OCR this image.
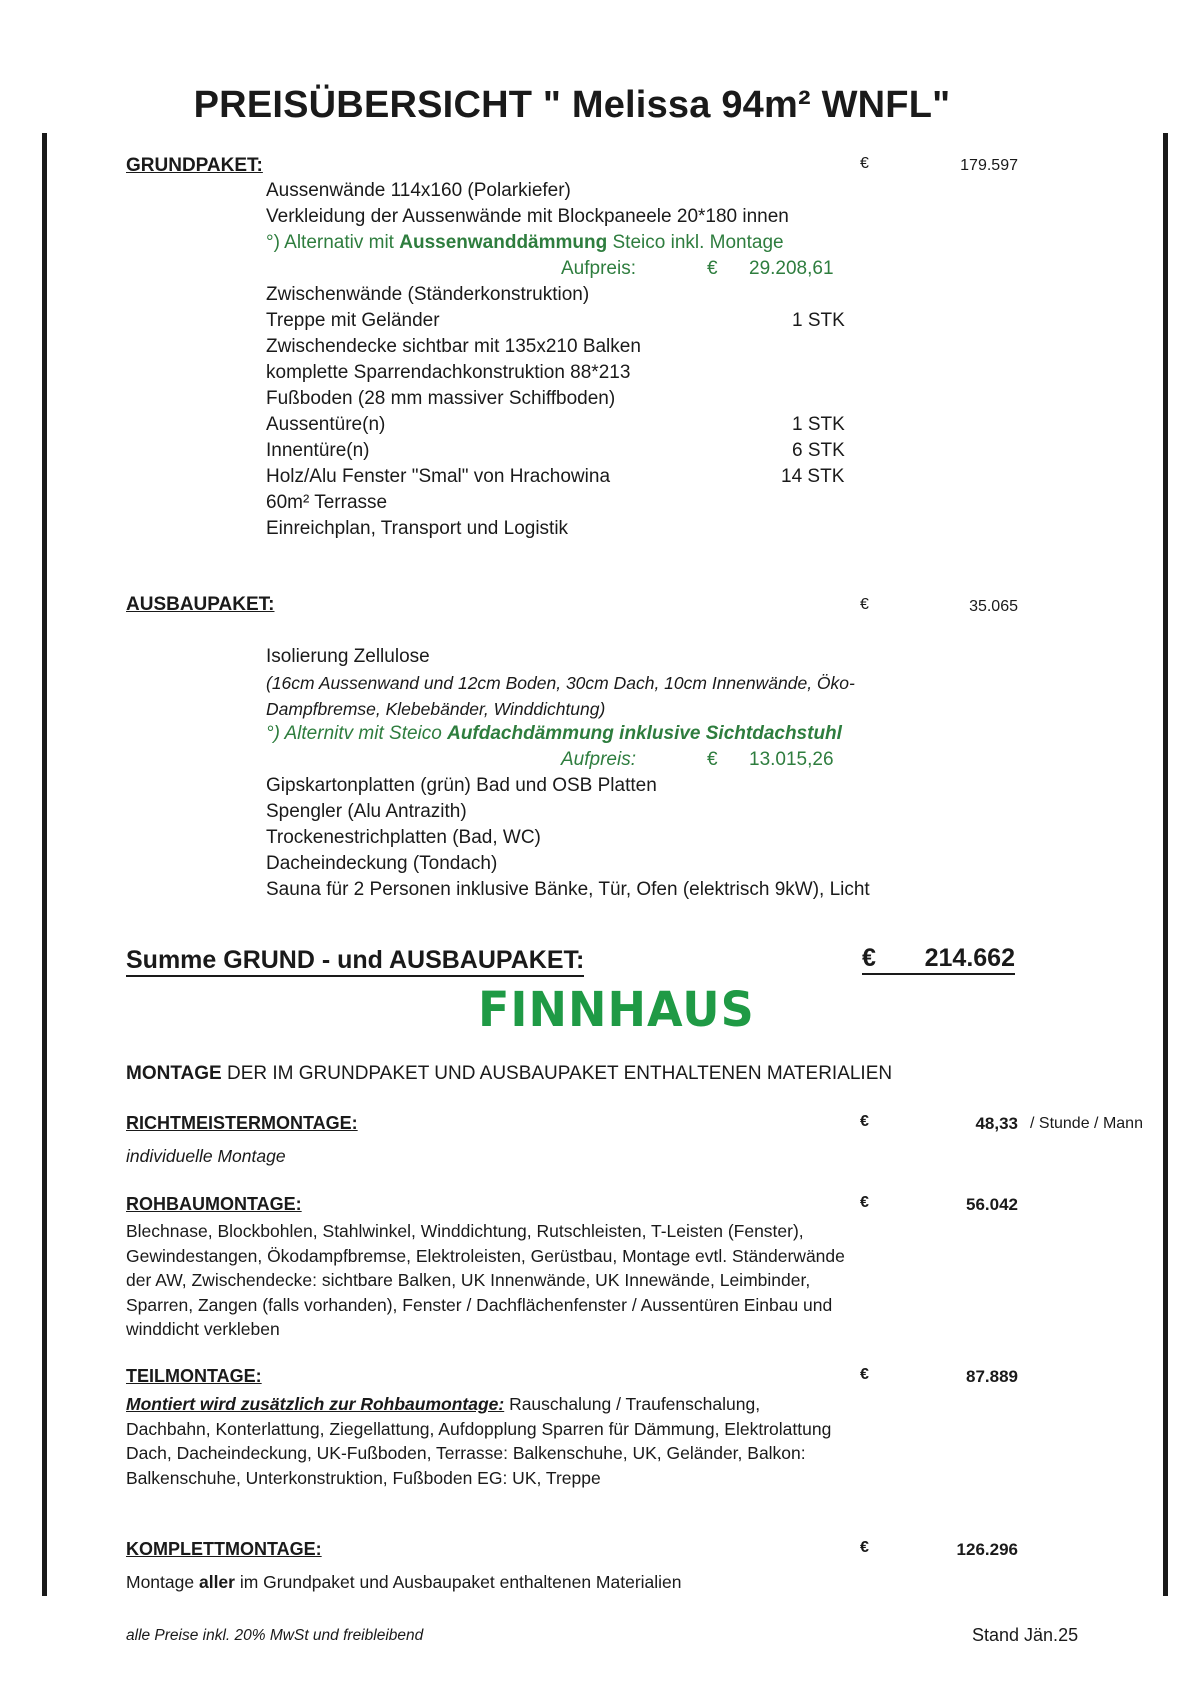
PREISÜBERSICHT " Melissa 94m² WNFL"
GRUNDPAKET:	€	179.597
Aussenwände 114x160 (Polarkiefer)
Verkleidung der Aussenwände mit Blockpaneele 20*180 innen
°) Alternativ mit Aussenwanddämmung Steico inkl. Montage
Aufpreis:	€ 29.208,61
Zwischenwände (Ständerkonstruktion)
Treppe mit Geländer	1 STK
Zwischendecke sichtbar mit 135x210 Balken
komplette Sparrendachkonstruktion 88*213
Fußboden (28 mm massiver Schiffboden)
Aussentüre(n)	1 STK
Innentüre(n)	6 STK
Holz/Alu Fenster "Smal" von Hrachowina	14 STK
60m² Terrasse
Einreichplan, Transport und Logistik
AUSBAUPAKET:	€	35.065
Isolierung Zellulose
(16cm Aussenwand und 12cm Boden, 30cm Dach, 10cm Innenwände, Öko-
Dampfbremse, Klebebänder, Winddichtung)
°) Alternitv mit Steico Aufdachdämmung inklusive Sichtdachstuhl
Aufpreis:	€ 13.015,26
Gipskartonplatten (grün) Bad und OSB Platten
Spengler (Alu Antrazith)
Trockenestrichplatten (Bad, WC)
Dacheindeckung (Tondach)
Sauna für 2 Personen inklusive Bänke, Tür, Ofen (elektrisch 9kW), Licht
Summe GRUND - und AUSBAUPAKET:	€ 214.662
FINNHAUS
MONTAGE DER IM GRUNDPAKET UND AUSBAUPAKET ENTHALTENEN MATERIALIEN
RICHTMEISTERMONTAGE:	€	48,33 / Stunde / Mann
individuelle Montage
ROHBAUMONTAGE:	€	56.042
Blechnase, Blockbohlen, Stahlwinkel, Winddichtung, Rutschleisten, T-Leisten (Fenster), Gewindestangen, Ökodampfbremse, Elektroleisten, Gerüstbau, Montage evtl. Ständerwände der AW, Zwischendecke: sichtbare Balken, UK Innenwände, UK Innewände, Leimbinder, Sparren, Zangen (falls vorhanden), Fenster / Dachflächenfenster / Aussentüren Einbau und winddicht verkleben
TEILMONTAGE:	€	87.889
Montiert wird zusätzlich zur Rohbaumontage: Rauschalung / Traufenschalung, Dachbahn, Konterlattung, Ziegellattung, Aufdopplung Sparren für Dämmung, Elektrolattung Dach, Dacheindeckung, UK-Fußboden, Terrasse: Balkenschuhe, UK, Geländer, Balkon: Balkenschuhe, Unterkonstruktion, Fußboden EG: UK, Treppe
KOMPLETTMONTAGE:	€	126.296
Montage aller im Grundpaket und Ausbaupaket enthaltenen Materialien
alle Preise inkl. 20% MwSt und freibleibend	Stand Jän.25
